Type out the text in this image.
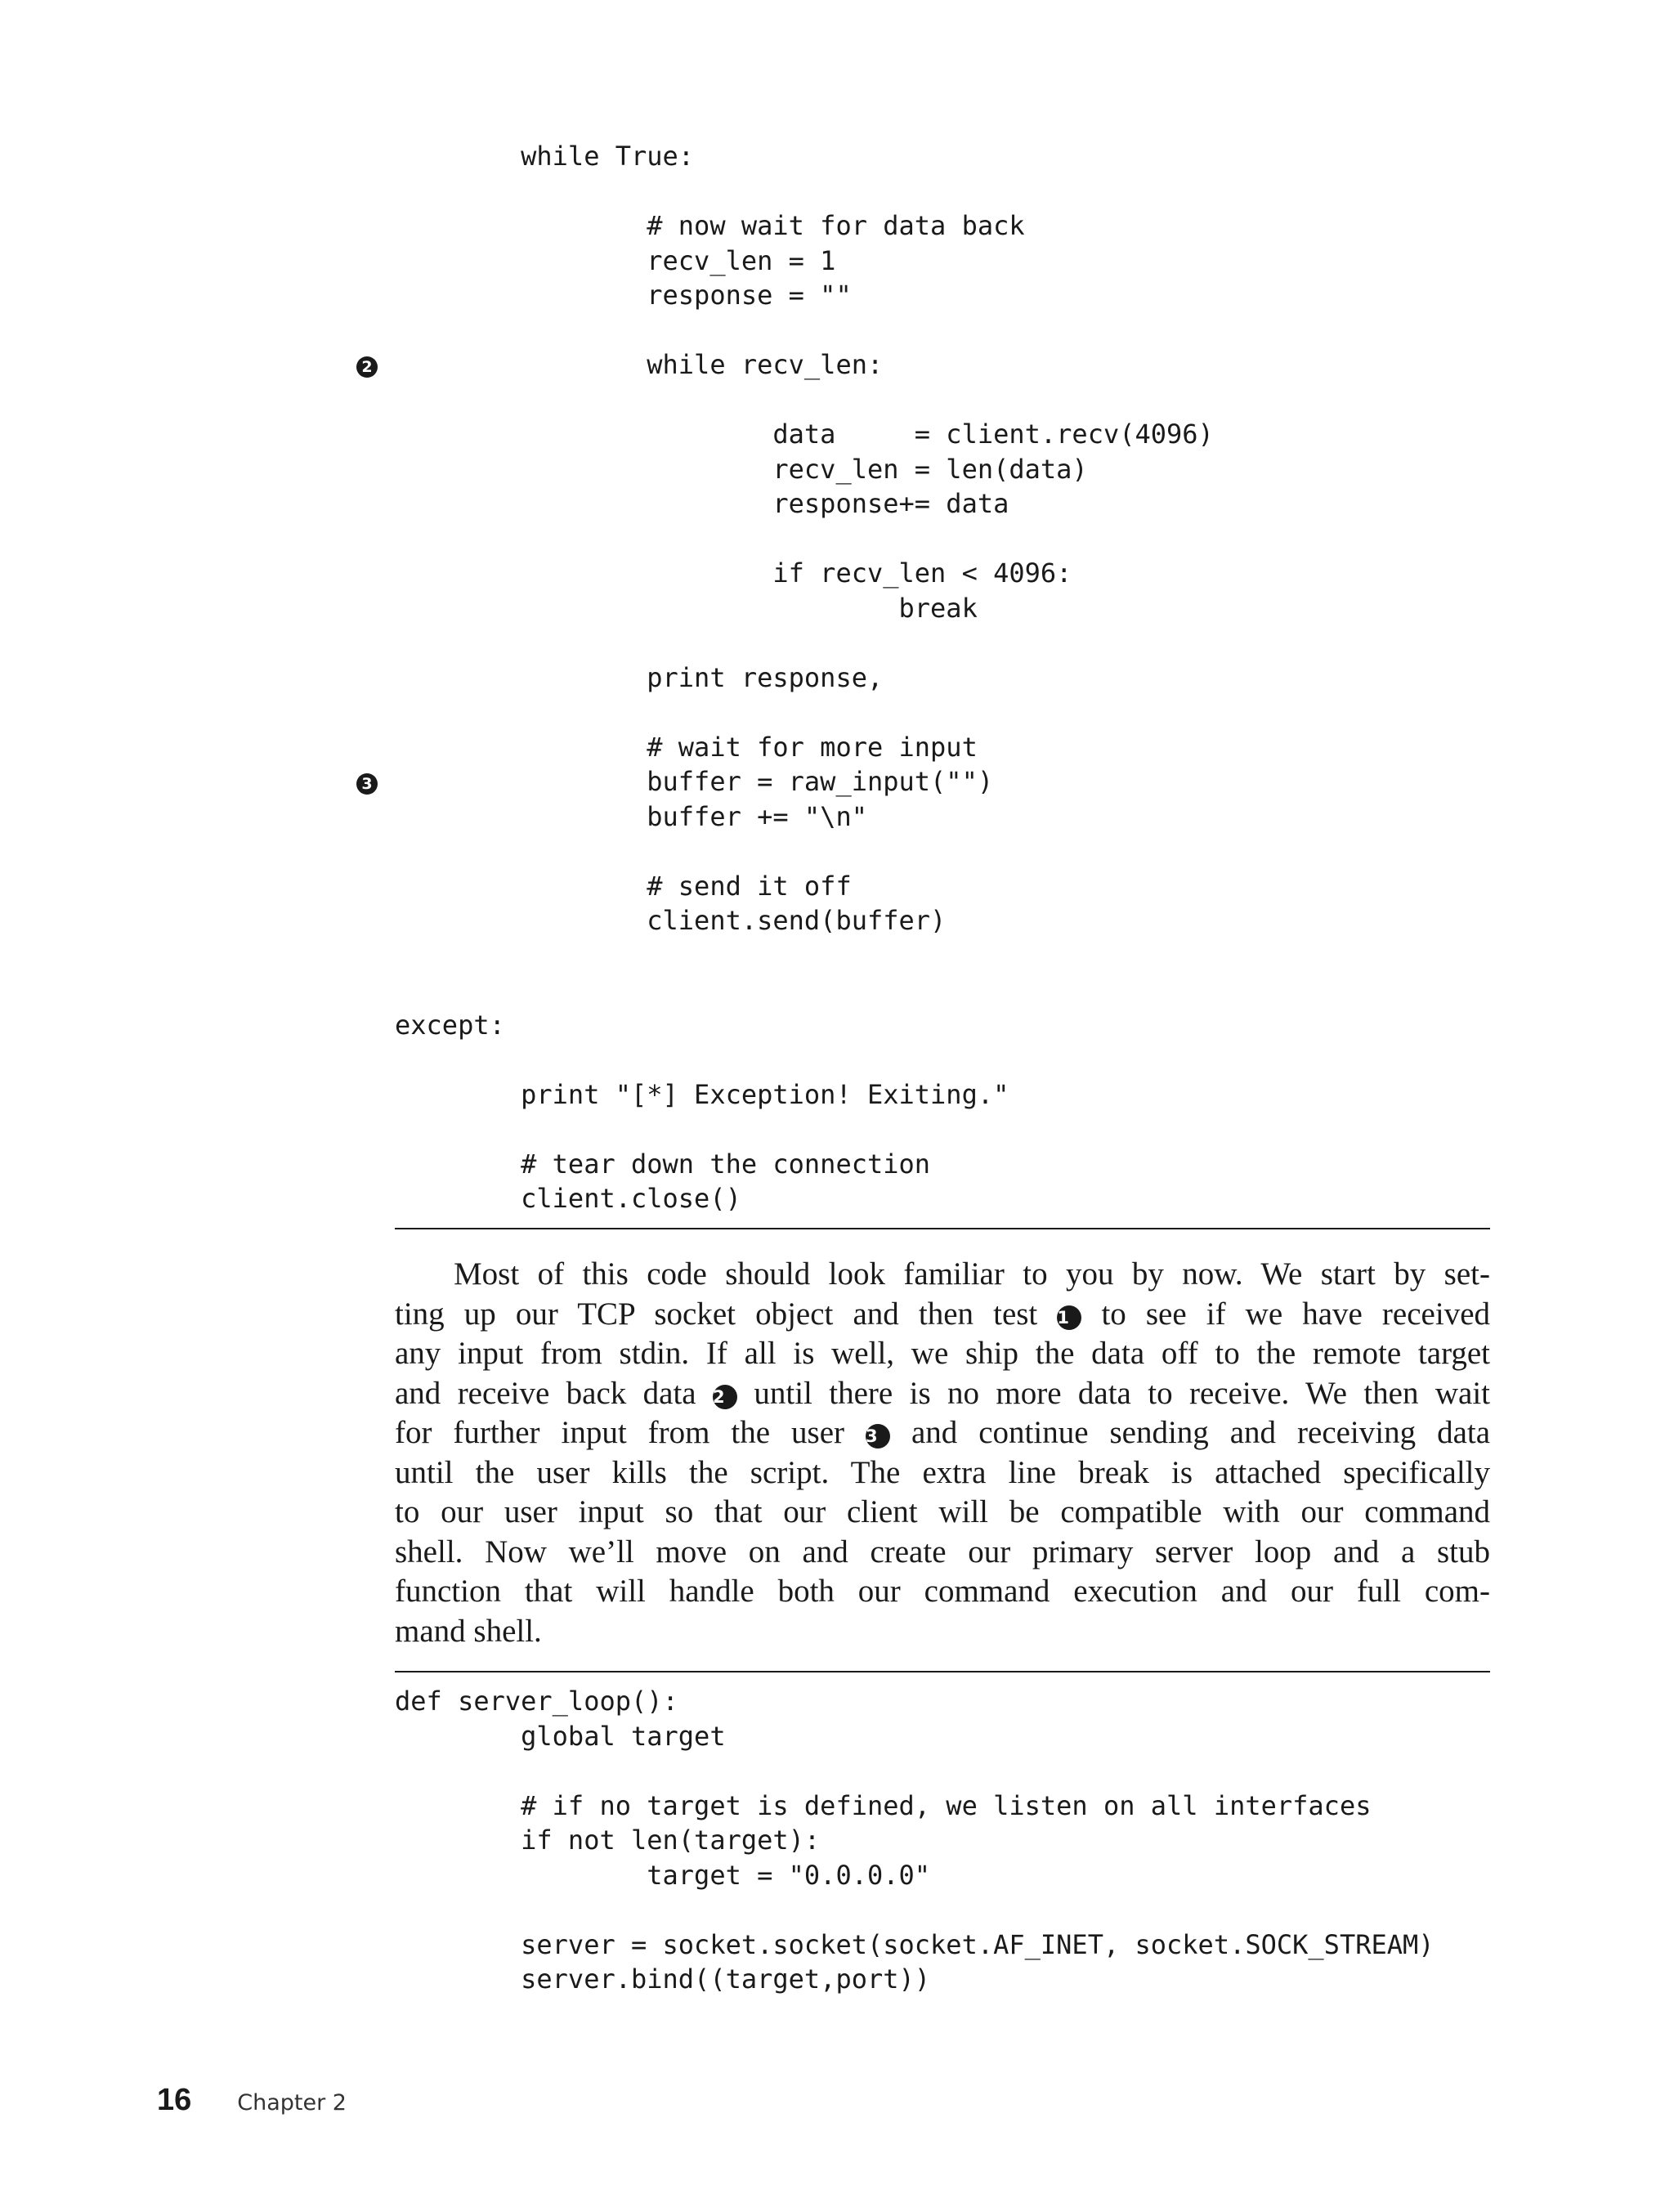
while True:

# now wait for data back
recv_len = 1
response = ""

while recv_len:

data     = client.recv(4096)
recv_len = len(data)
response+= data

if recv_len < 4096:
break

print response,

# wait for more input
buffer = raw_input("")
buffer += "\n"

# send it off
client.send(buffer)

except:

print "[*] Exception! Exiting."

# tear down the connection
client.close()
2
3
Most of this code should look familiar to you by now. We start by set-
ting up our TCP socket object and then test 1 to see if we have received
any input from stdin. If all is well, we ship the data off to the remote target
and receive back data 2 until there is no more data to receive. We then wait
for further input from the user 3 and continue sending and receiving data
until the user kills the script. The extra line break is attached specifically
to our user input so that our client will be compatible with our command
shell. Now we’ll move on and create our primary server loop and a stub
function that will handle both our command execution and our full com-
mand shell.
def server_loop():
global target

# if no target is defined, we listen on all interfaces
if not len(target):
target = "0.0.0.0"

server = socket.socket(socket.AF_INET, socket.SOCK_STREAM)
server.bind((target,port))
16 Chapter 2
